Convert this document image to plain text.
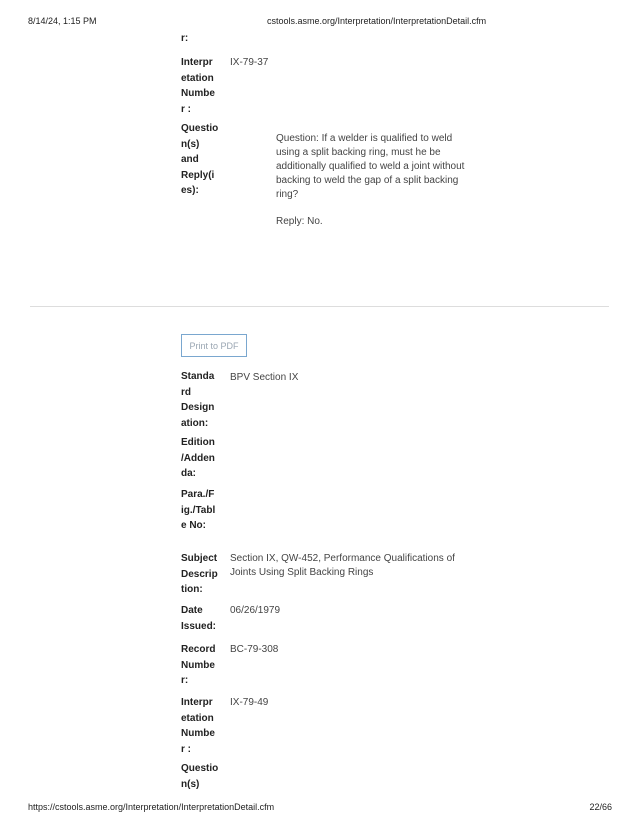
8/14/24, 1:15 PM	cstools.asme.org/Interpretation/InterpretationDetail.cfm
r:
Interpr
etation
Numbe
r :
IX-79-37
Questio
n(s)
and
Reply(i
es):
Question: If a welder is qualified to weld
using a split backing ring, must he be
additionally qualified to weld a joint without
backing to weld the gap of a split backing
ring?
Reply: No.
Print to PDF
Standa
rd
Design
ation:
BPV Section IX
Edition
/Adden
da:
Para./F
ig./Tabl
e No:
Subject
Descrip
tion:
Section IX, QW-452, Performance Qualifications of
Joints Using Split Backing Rings
Date
Issued:
06/26/1979
Record
Numbe
r:
BC-79-308
Interpr
etation
Numbe
r :
IX-79-49
Questio
n(s)
https://cstools.asme.org/Interpretation/InterpretationDetail.cfm	22/66
